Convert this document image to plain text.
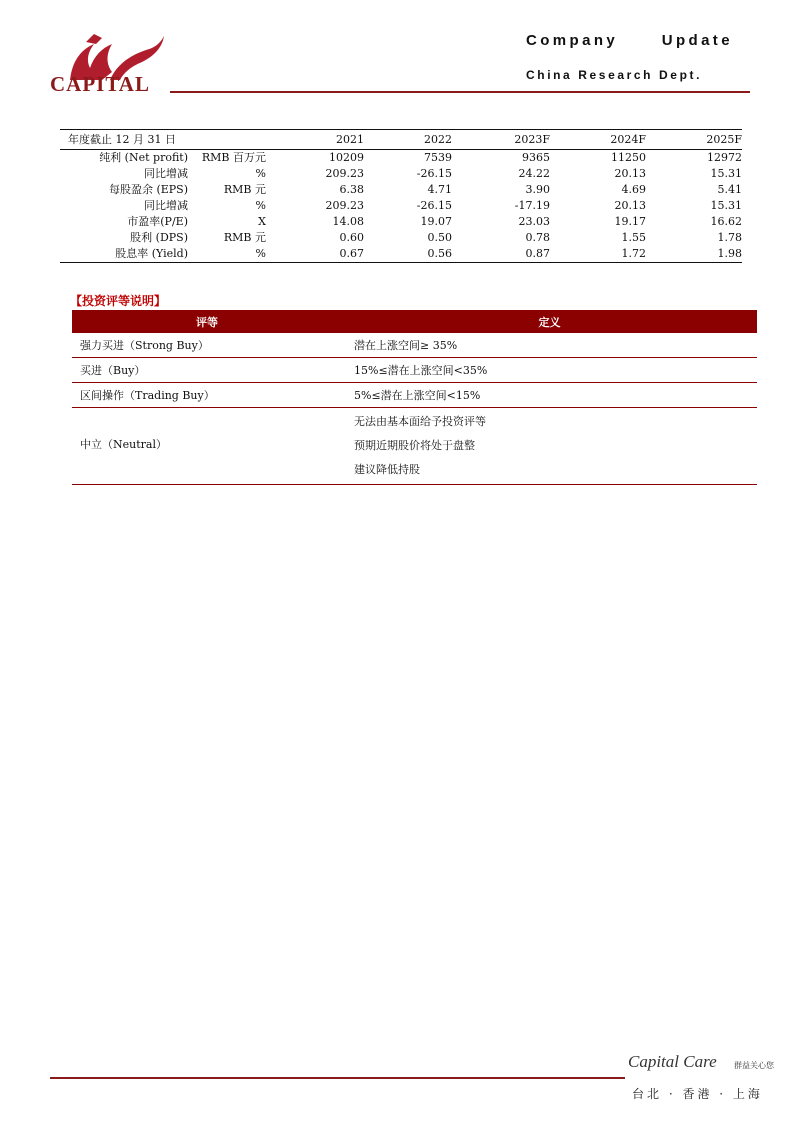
CAPITAL
Company Update
China Research Dept.
年度截止 12 月 31 日		2021	2022	2023F	2024F	2025F
纯利 (Net profit)	RMB 百万元	10209	7539	9365	11250	12972
同比增减	%	209.23	-26.15	24.22	20.13	15.31
每股盈余 (EPS)	RMB 元	6.38	4.71	3.90	4.69	5.41
同比增减	%	209.23	-26.15	-17.19	20.13	15.31
市盈率(P/E)	X	14.08	19.07	23.03	19.17	16.62
股利 (DPS)	RMB 元	0.60	0.50	0.78	1.55	1.78
股息率 (Yield)	%	0.67	0.56	0.87	1.72	1.98
【投资评等说明】
评等	定义
强力买进（Strong Buy）	潜在上涨空间≥ 35%
买进（Buy）	15%≤潜在上涨空间<35%
区间操作（Trading Buy）	5%≤潜在上涨空间<15%
中立（Neutral）	无法由基本面给予投资评等
预期近期股价将处于盘整
建议降低持股
Capital Care 群益关心您
台北 · 香港 · 上海
